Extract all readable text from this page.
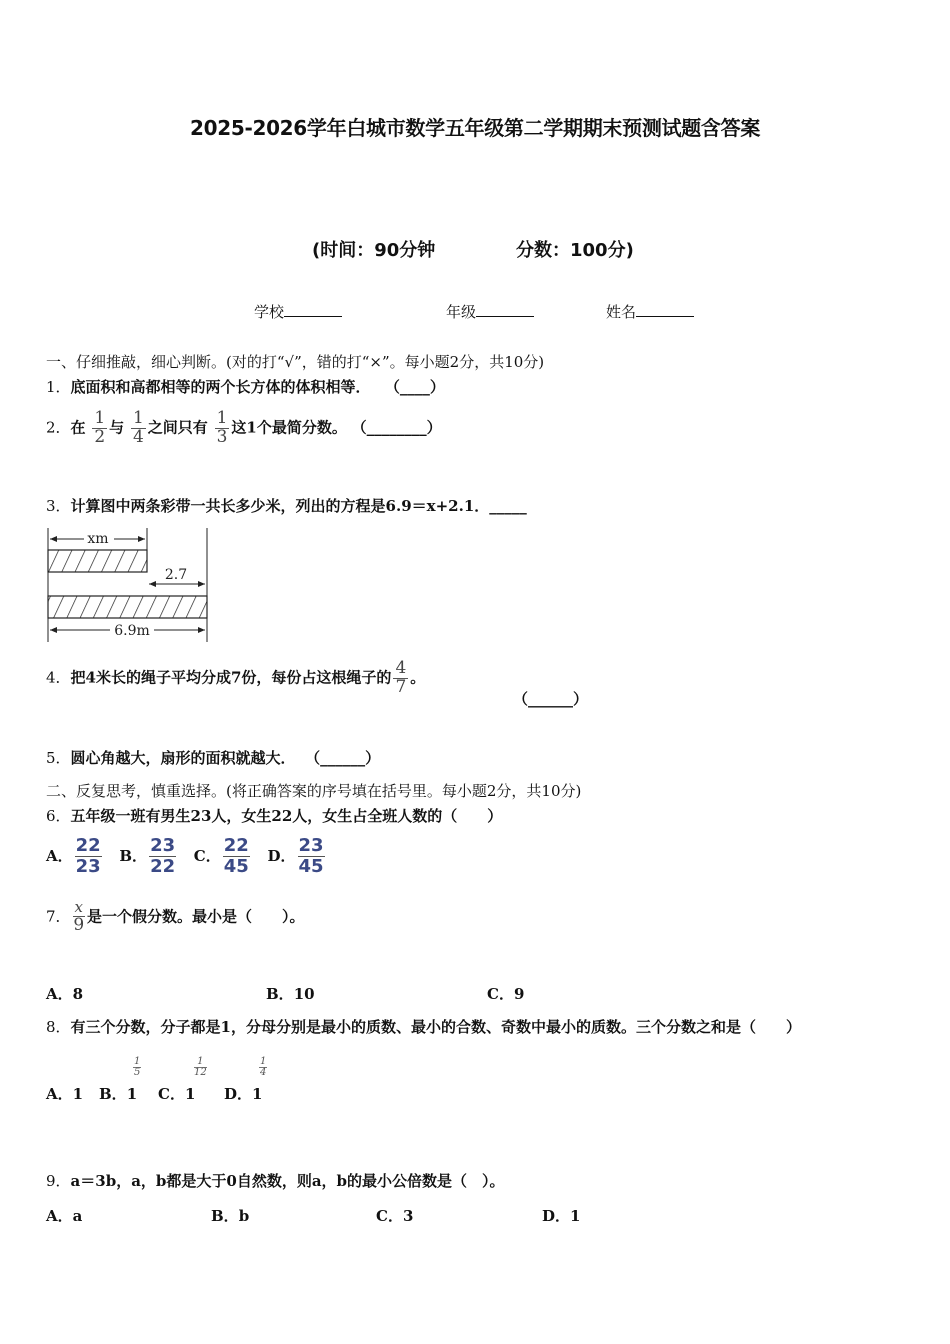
2025-2026学年白城市数学五年级第二学期期末预测试题含答案
(时间：90分钟	分数：100分)
学校	年级	姓名
一、仔细推敲，细心判断。(对的打“√”，错的打“×”。每小题2分，共10分)
1．底面积和高都相等的两个长方体的体积相等． （____）
2．在 $\frac{1}{2}$ 与 $\frac{1}{4}$ 之间只有 $\frac{1}{3}$ 这1个最简分数。 （________）
3．计算图中两条彩带一共长多少米，列出的方程是6.9＝x+2.1．_____
xm
2.7
6.9m
4．把4米长的绳子平均分成7份，每份占这根绳子的 $\frac{4}{7}$ 。
（______）
5．圆心角越大，扇形的面积就越大． （______）
二、反复思考，慎重选择。(将正确答案的序号填在括号里。每小题2分，共10分)
6．五年级一班有男生23人，女生22人，女生占全班人数的（　　）
A． $\frac{22}{23}$ B． $\frac{23}{22}$ C． $\frac{22}{45}$ D． $\frac{23}{45}$
7． $\frac{x}{9}$ 是一个假分数。最小是（　　）。
A．8	B．10	C．9
8．有三个分数，分子都是1，分母分别是最小的质数、最小的合数、奇数中最小的质数。三个分数之和是（　　）
A．1 B．1
$\frac{1}{5}$
C．1
$\frac{1}{12}$
D．1
$\frac{1}{4}$
9．a＝3b，a，b都是大于0自然数，则a，b的最小公倍数是（　）。
A．a	B．b	C．3	D．1
